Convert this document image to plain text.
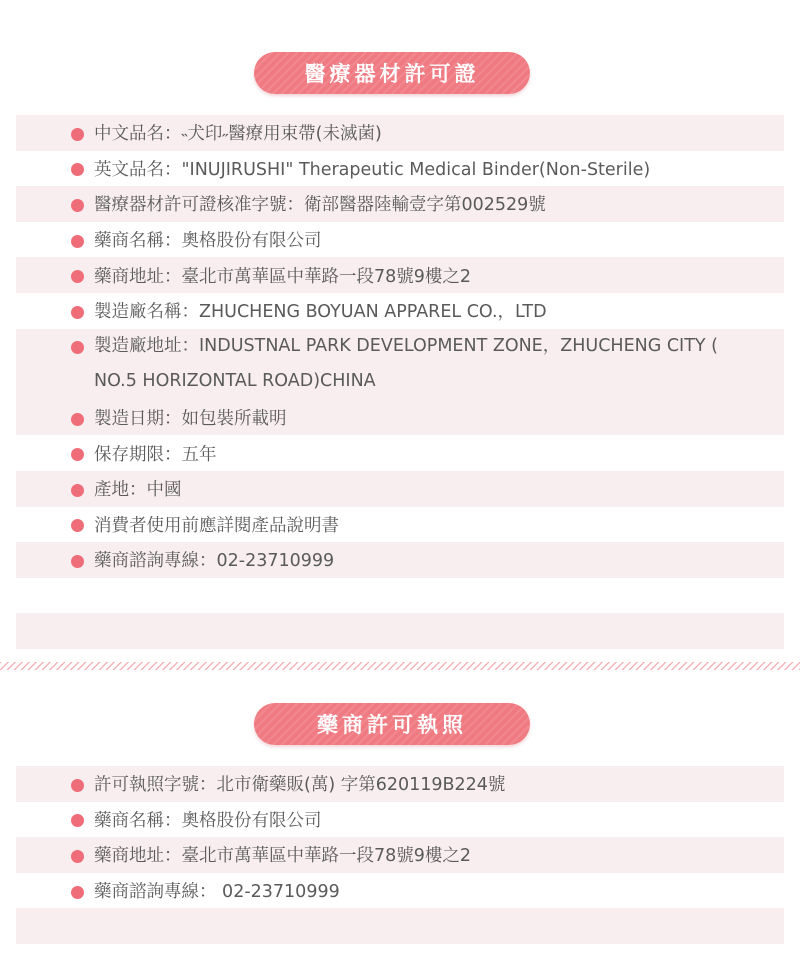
醫療器材許可證
中文品名：˵犬印˶醫療用束帶(未滅菌)
英文品名："INUJIRUSHI" Therapeutic Medical Binder(Non-Sterile)
醫療器材許可證核准字號：衛部醫器陸輸壹字第002529號
藥商名稱：奧格股份有限公司
藥商地址：臺北市萬華區中華路一段78號9樓之2
製造廠名稱：ZHUCHENG BOYUAN APPAREL CO.，LTD
製造廠地址：INDUSTNAL PARK DEVELOPMENT ZONE，ZHUCHENG CITY ( NO.5 HORIZONTAL ROAD)CHINA
製造日期：如包裝所載明
保存期限：五年
產地：中國
消費者使用前應詳閱產品說明書
藥商諮詢專線：02-23710999
藥商許可執照
許可執照字號：北市衛藥販(萬) 字第620119B224號
藥商名稱：奧格股份有限公司
藥商地址：臺北市萬華區中華路一段78號9樓之2
藥商諮詢專線： 02-23710999
